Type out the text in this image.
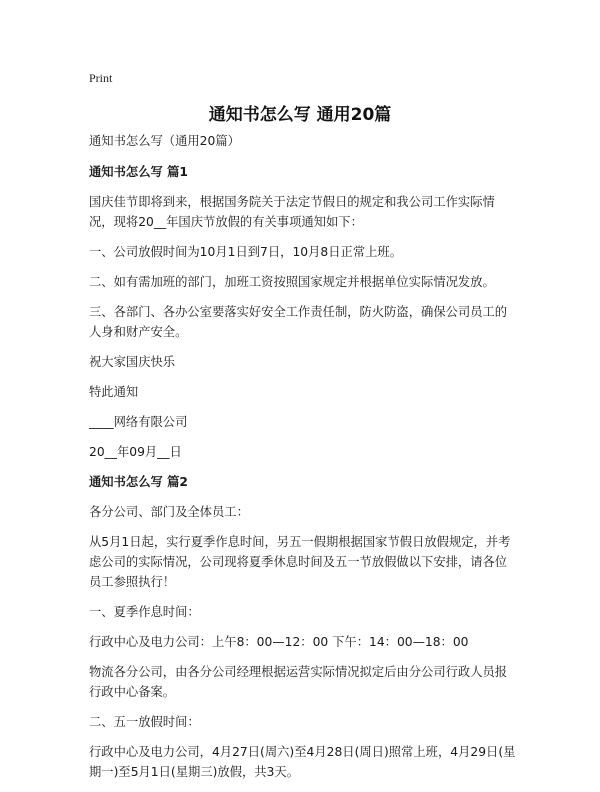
Print
通知书怎么写 通用20篇

通知书怎么写（通用20篇）

通知书怎么写 篇1

国庆佳节即将到来，根据国务院关于法定节假日的规定和我公司工作实际情况，现将20__年国庆节放假的有关事项通知如下：

一、公司放假时间为10月1日到7日，10月8日正常上班。

二、如有需加班的部门，加班工资按照国家规定并根据单位实际情况发放。

三、各部门、各办公室要落实好安全工作责任制，防火防盗，确保公司员工的人身和财产安全。

祝大家国庆快乐

特此通知

____网络有限公司

20__年09月__日

通知书怎么写 篇2

各分公司、部门及全体员工：

从5月1日起，实行夏季作息时间，另五一假期根据国家节假日放假规定，并考虑公司的实际情况，公司现将夏季休息时间及五一节放假做以下安排，请各位员工参照执行！

一、夏季作息时间：

行政中心及电力公司：上午8：00—12：00 下午：14：00—18：00

物流各分公司，由各分公司经理根据运营实际情况拟定后由分公司行政人员报行政中心备案。

二、五一放假时间：

行政中心及电力公司，4月27日(周六)至4月28日(周日)照常上班，4月29日(星期一)至5月1日(星期三)放假，共3天。
